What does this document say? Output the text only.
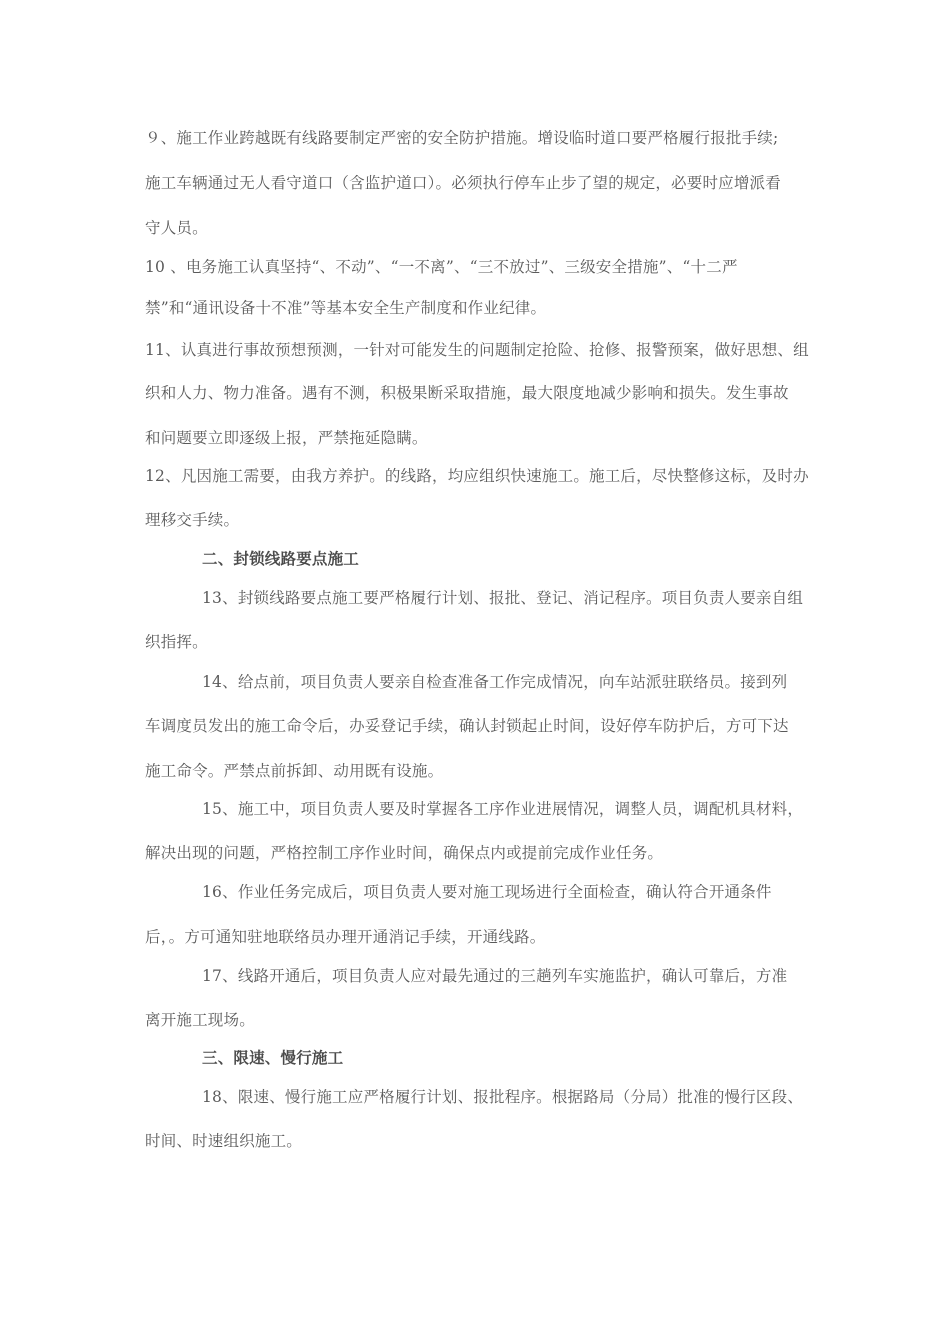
９、施工作业跨越既有线路要制定严密的安全防护措施。增设临时道口要严格履行报批手续;
施工车辆通过无人看守道口（含监护道口）。必须执行停车止步了望的规定，必要时应增派看
守人员。
10 、电务施工认真坚持“、不动”、“一不离”、“三不放过”、三级安全措施”、“十二严
禁”和“通讯设备十不准”等基本安全生产制度和作业纪律。
11、认真进行事故预想预测，一针对可能发生的问题制定抢险、抢修、报警预案，做好思想、组
织和人力、物力准备。遇有不测，积极果断采取措施，最大限度地减少影响和损失。发生事故
和问题要立即逐级上报，严禁拖延隐瞒。
12、凡因施工需要，由我方养护。的线路，均应组织快速施工。施工后，尽快整修这标，及时办
理移交手续。
二、封锁线路要点施工
13、封锁线路要点施工要严格履行计划、报批、登记、消记程序。项目负责人要亲自组
织指挥。
14、给点前，项目负责人要亲自检查准备工作完成情况，向车站派驻联络员。接到列
车调度员发出的施工命令后，办妥登记手续，确认封锁起止时间，设好停车防护后，方可下达
施工命令。严禁点前拆卸、动用既有设施。
15、施工中，项目负责人要及时掌握各工序作业进展情况，调整人员，调配机具材料，
解决出现的问题，严格控制工序作业时间，确保点内或提前完成作业任务。
16、作业任务完成后，项目负责人要对施工现场进行全面检查，确认符合开通条件
后，。方可通知驻地联络员办理开通消记手续，开通线路。
17、线路开通后，项目负责人应对最先通过的三趟列车实施监护，确认可靠后，方准
离开施工现场。
三、限速、慢行施工
18、限速、慢行施工应严格履行计划、报批程序。根据路局（分局）批准的慢行区段、
时间、时速组织施工。
